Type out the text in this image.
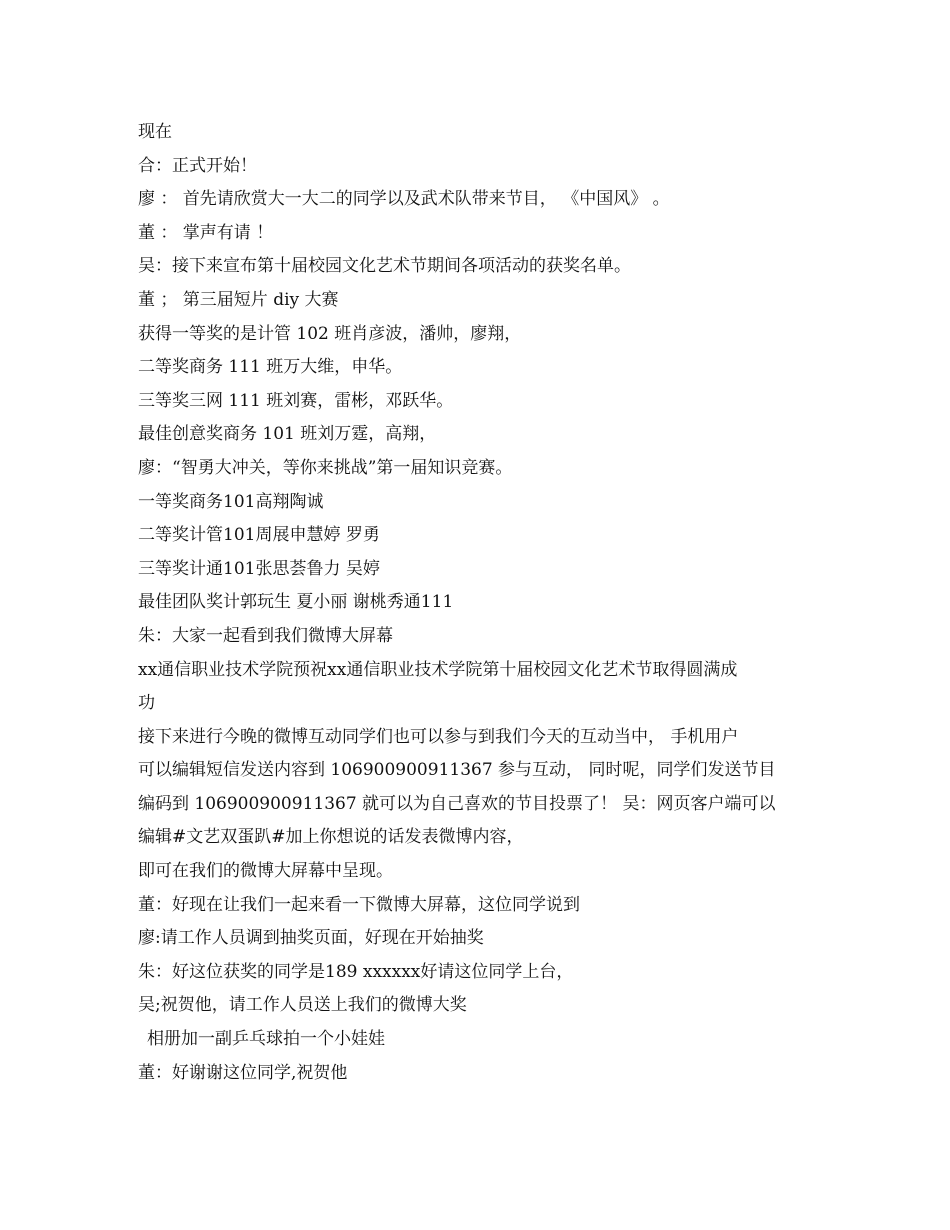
现在
合：正式开始！
廖 ： 首先请欣赏大一大二的同学以及武术队带来节目， 《中国风》 。
董 ： 掌声有请 ！
吴：接下来宣布第十届校园文化艺术节期间各项活动的获奖名单。
董 ； 第三届短片 diy 大赛
获得一等奖的是计管 102 班肖彦波，潘帅，廖翔，
二等奖商务 111 班万大维，申华。
三等奖三网 111 班刘赛，雷彬，邓跃华。
最佳创意奖商务 101 班刘万霆，高翔，
廖：“智勇大冲关，等你来挑战”第一届知识竞赛。
一等奖商务101高翔陶诚
二等奖计管101周展申慧婷 罗勇
三等奖计通101张思荟鲁力 吴婷
最佳团队奖计郭玩生 夏小丽 谢桃秀通111
朱：大家一起看到我们微博大屏幕
xx通信职业技术学院预祝xx通信职业技术学院第十届校园文化艺术节取得圆满成
功
接下来进行今晚的微博互动同学们也可以参与到我们今天的互动当中， 手机用户
可以编辑短信发送内容到 106900900911367 参与互动， 同时呢，同学们发送节目
编码到 106900900911367 就可以为自己喜欢的节目投票了！ 吴：网页客户端可以
编辑#文艺双蛋趴#加上你想说的话发表微博内容，
即可在我们的微博大屏幕中呈现。
董：好现在让我们一起来看一下微博大屏幕，这位同学说到
廖:请工作人员调到抽奖页面，好现在开始抽奖
朱：好这位获奖的同学是189 xxxxxx好请这位同学上台，
吴;祝贺他，请工作人员送上我们的微博大奖
相册加一副乒乓球拍一个小娃娃
董：好谢谢这位同学,祝贺他
